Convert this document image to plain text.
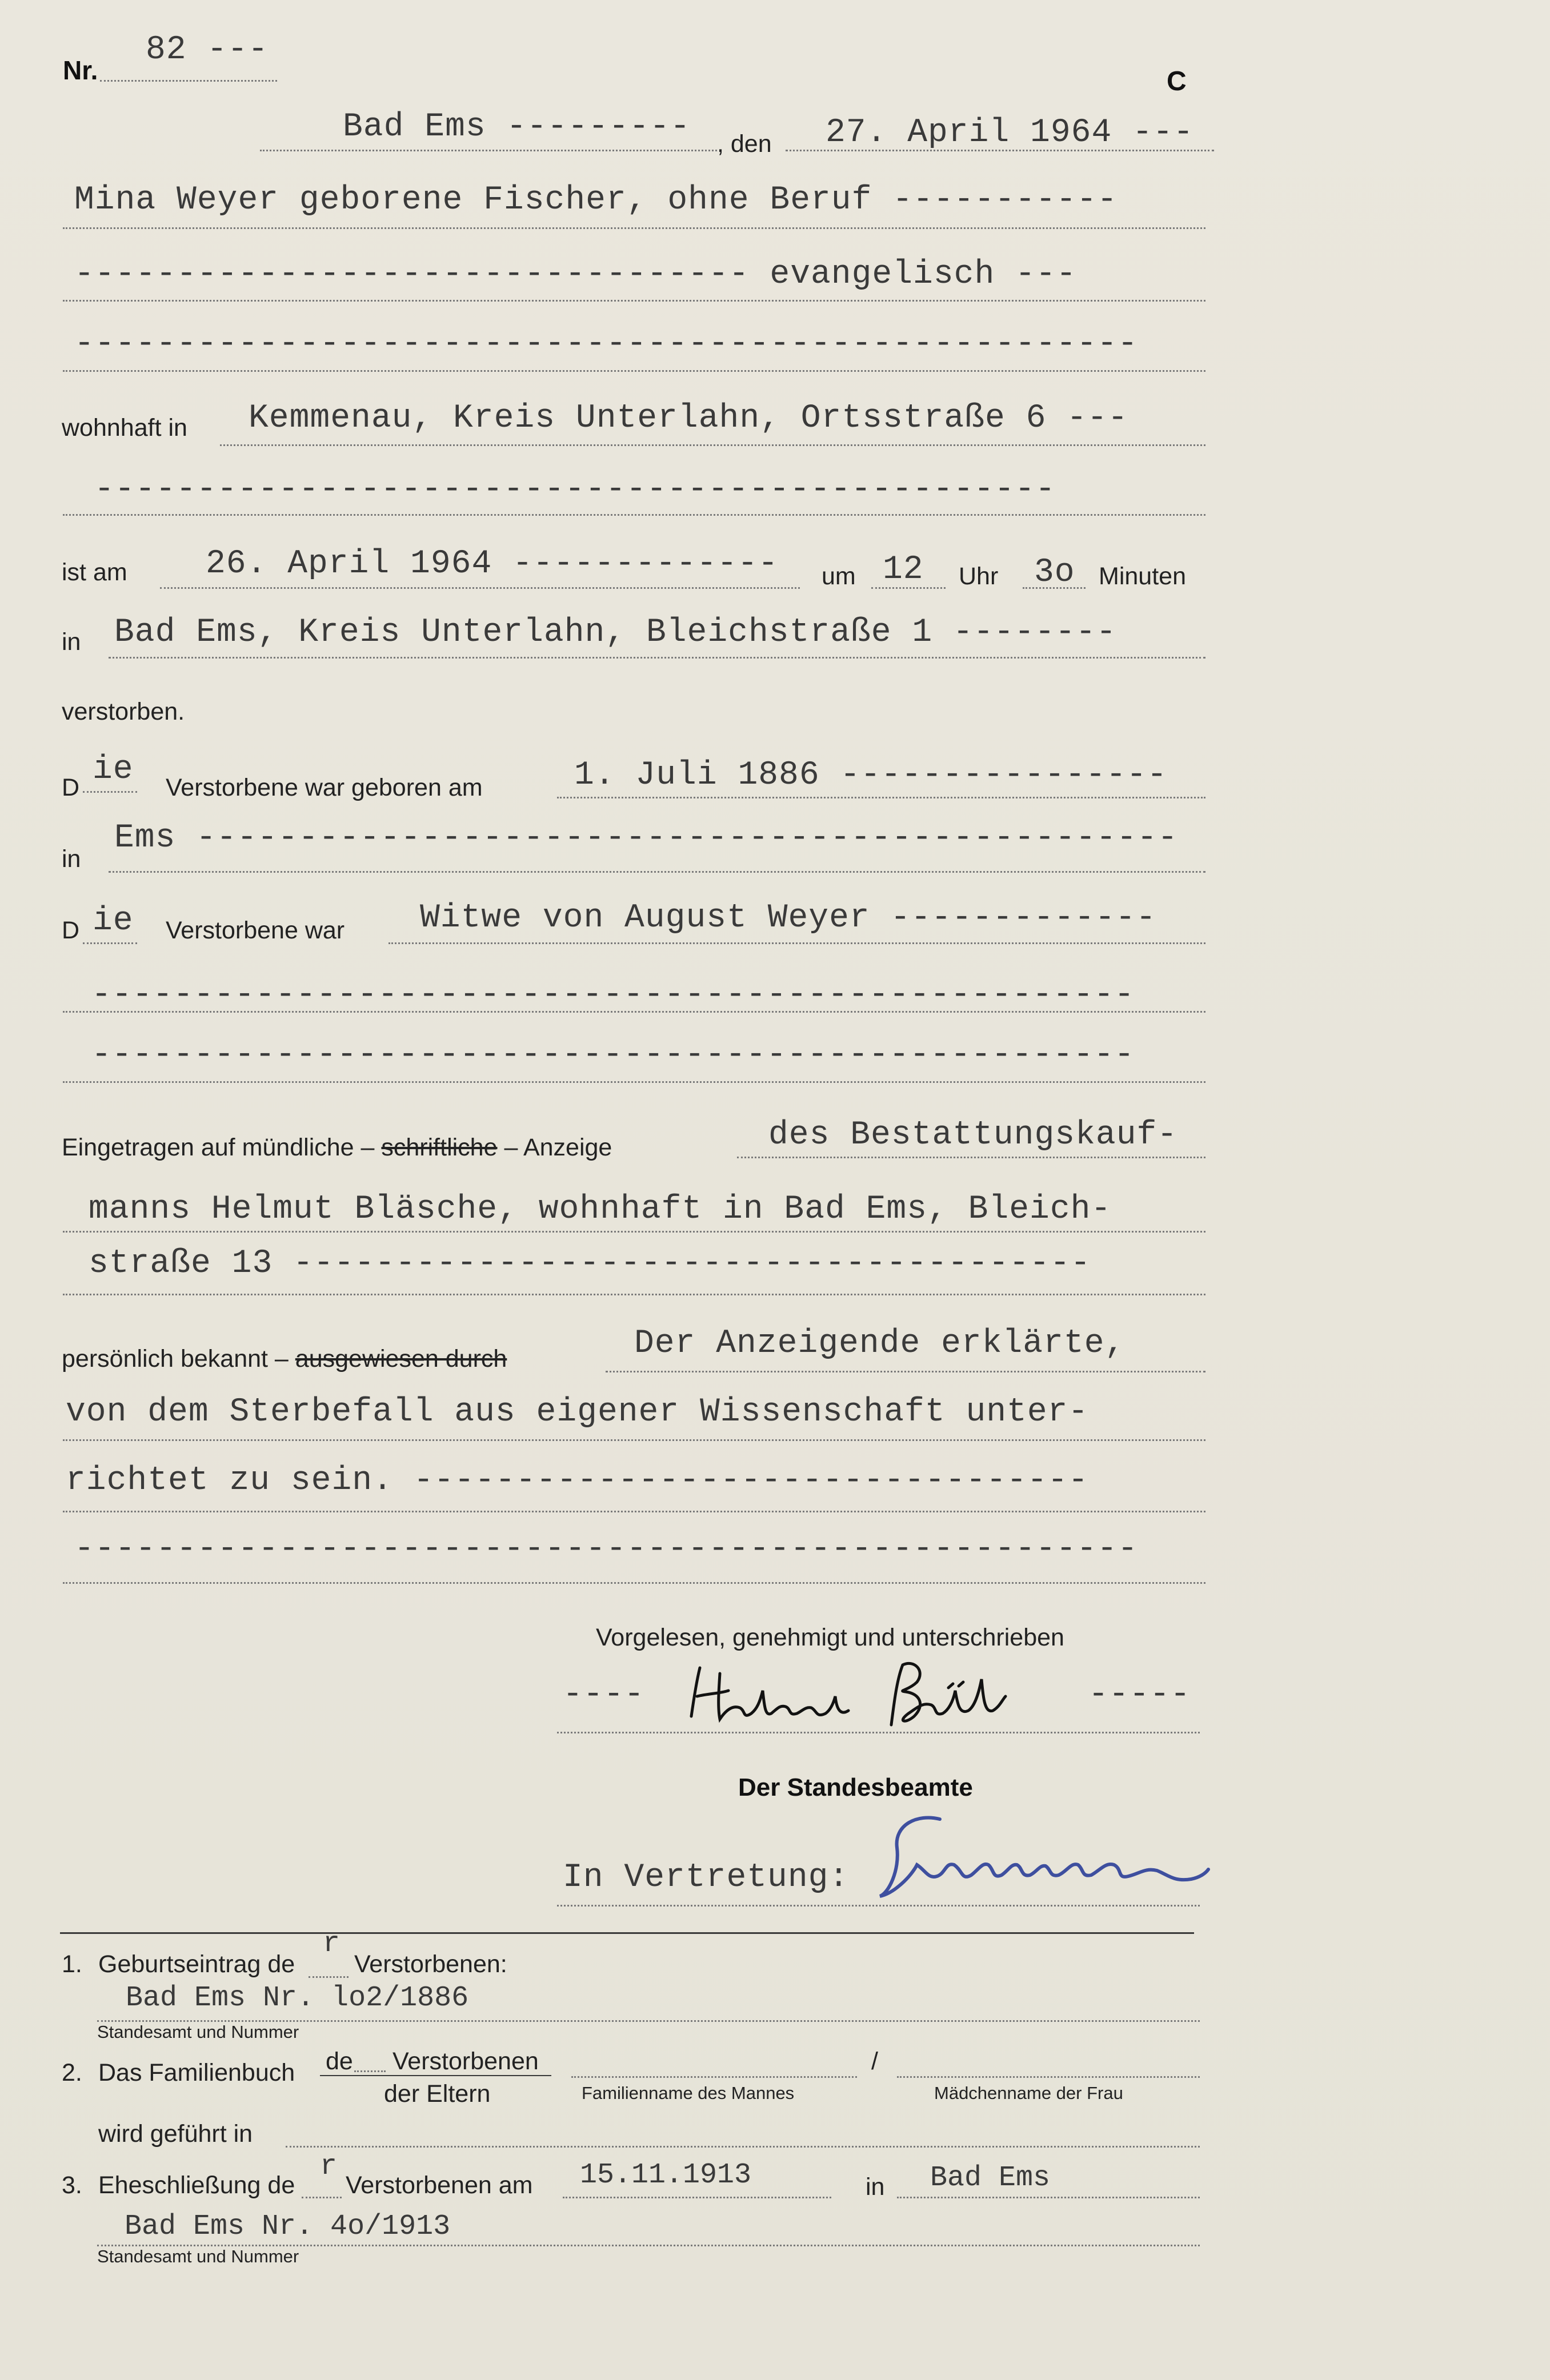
Nr.
82 ---
C
Bad Ems --------- , den 27. April 1964 ---
Mina Weyer geborene Fischer, ohne Beruf -----------
--------------------------------- evangelisch ---
----------------------------------------------------
wohnhaft in Kemmenau, Kreis Unterlahn, Ortsstraße 6 ---
-----------------------------------------------
ist am 26. April 1964 ------------- um 12 Uhr 3o Minuten
in Bad Ems, Kreis Unterlahn, Bleichstraße 1 --------
verstorben.
D ie Verstorbene war geboren am	1. Juli 1886 ----------------
in
Ems ------------------------------------------------
D ie Verstorbene war Witwe von August Weyer -------------
---------------------------------------------------
---------------------------------------------------
Eingetragen auf mündliche – schriftliche – Anzeige	des Bestattungskauf-
manns Helmut Bläsche, wohnhaft in Bad Ems, Bleich-
straße 13 ---------------------------------------
persönlich bekannt – ausgewiesen durch	Der Anzeigende erklärte,
von dem Sterbefall aus eigener Wissenschaft unter-
richtet zu sein. ---------------------------------
----------------------------------------------------
Vorgelesen, genehmigt und unterschrieben
----	-----
Der Standesbeamte
In Vertretung:
1. Geburtseintrag de
r
Verstorbenen:
Bad Ems Nr. lo2/1886
Standesamt und Nummer
2. Das Familienbuch de Verstorbenen
der Eltern	Familienname des Mannes
/
Mädchenname der Frau
wird geführt in
3. Eheschließung de
r
Verstorbenen am 15.11.1913	in Bad Ems
Bad Ems Nr. 4o/1913
Standesamt und Nummer
